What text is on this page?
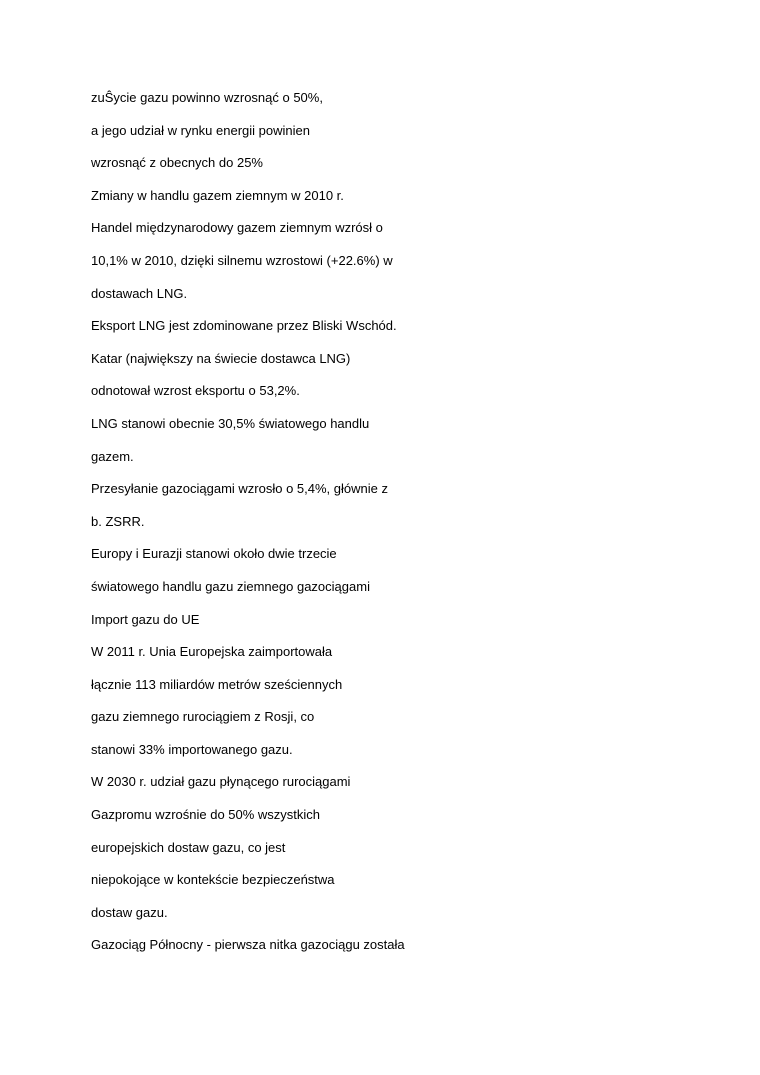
zuŜycie gazu powinno wzrosnąć o 50%,
a jego udział w rynku energii powinien
wzrosnąć z obecnych do 25%
Zmiany w handlu gazem ziemnym w 2010 r.
Handel międzynarodowy gazem ziemnym wzrósł o
10,1% w 2010, dzięki silnemu wzrostowi (+22.6%) w
dostawach LNG.
Eksport LNG jest zdominowane przez Bliski Wschód.
Katar (największy na świecie dostawca LNG)
odnotował wzrost eksportu o 53,2%.
LNG stanowi obecnie 30,5% światowego handlu
gazem.
Przesyłanie gazociągami wzrosło o 5,4%, głównie z
b. ZSRR.
Europy i Eurazji stanowi około dwie trzecie
światowego handlu gazu ziemnego gazociągami
Import gazu do UE
W 2011 r. Unia Europejska zaimportowała
łącznie 113 miliardów metrów sześciennych
gazu ziemnego rurociągiem z Rosji, co
stanowi 33% importowanego gazu.
W 2030 r. udział gazu płynącego rurociągami
Gazpromu wzrośnie do 50% wszystkich
europejskich dostaw gazu, co jest
niepokojące w kontekście bezpieczeństwa
dostaw gazu.
Gazociąg Północny - pierwsza nitka gazociągu została
